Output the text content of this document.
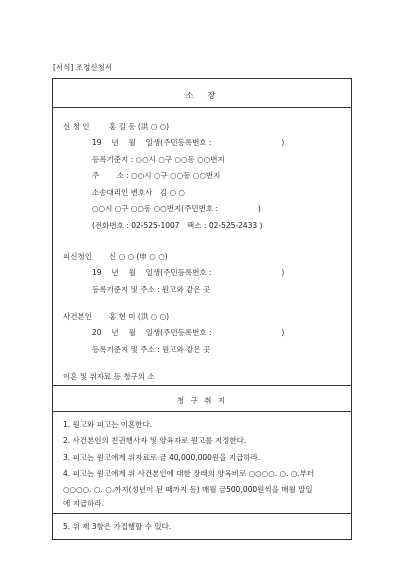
[서식] 조정신청서
소　장
신 청 인	홍 길 동 (洪 ○ ○)
19　 년　 월　 일생(주민등록번호 :　　　　　　　　　 )
등록기준지 : ○○시 ○구 ○○동 ○○번지
주　　 소 : ○○시 ○구 ○○동 ○○번지
소송대리인 변호사　김 ○ ○
○○시 ○구 ○○동 ○○번지(주민번호 :　　　　　 )
(전화번호 : 02-525-1007　팩스 : 02-525-2433 )
피신청인 신 ○ ○ (申 ○ ○)
19　 년　 월　 일생(주민등록번호 :　　　　　　　　　 )
등록기준지 및 주소 : 원고와 같은 곳
사건본인 홍 현 미 (洪 ○ ○)
20　 년　 월　 일생(주민등록번호 :　　　　　　　　　 )
등록기준지 및 주소 : 원고와 같은 곳
이혼 및 위자료 등 청구의 소
청 구 취 지
1. 원고와 피고는 이혼한다.
2. 사건본인의 친권행사자 및 양육자로 원고를 지정한다.
3. 피고는 원고에게 위자료로 금 40,000,000원을 지급하라.
4. 피고는 원고에게 위 사건본인에 대한 장래의 양육비로 ○○○○. ○. ○.부터
○○○○. ○. ○.까지(성년이 된 때까지 등) 매월 금500,000원씩을 매월 말일
에 지급하라.
5. 위 제 3항은 가집행할 수 있다.
